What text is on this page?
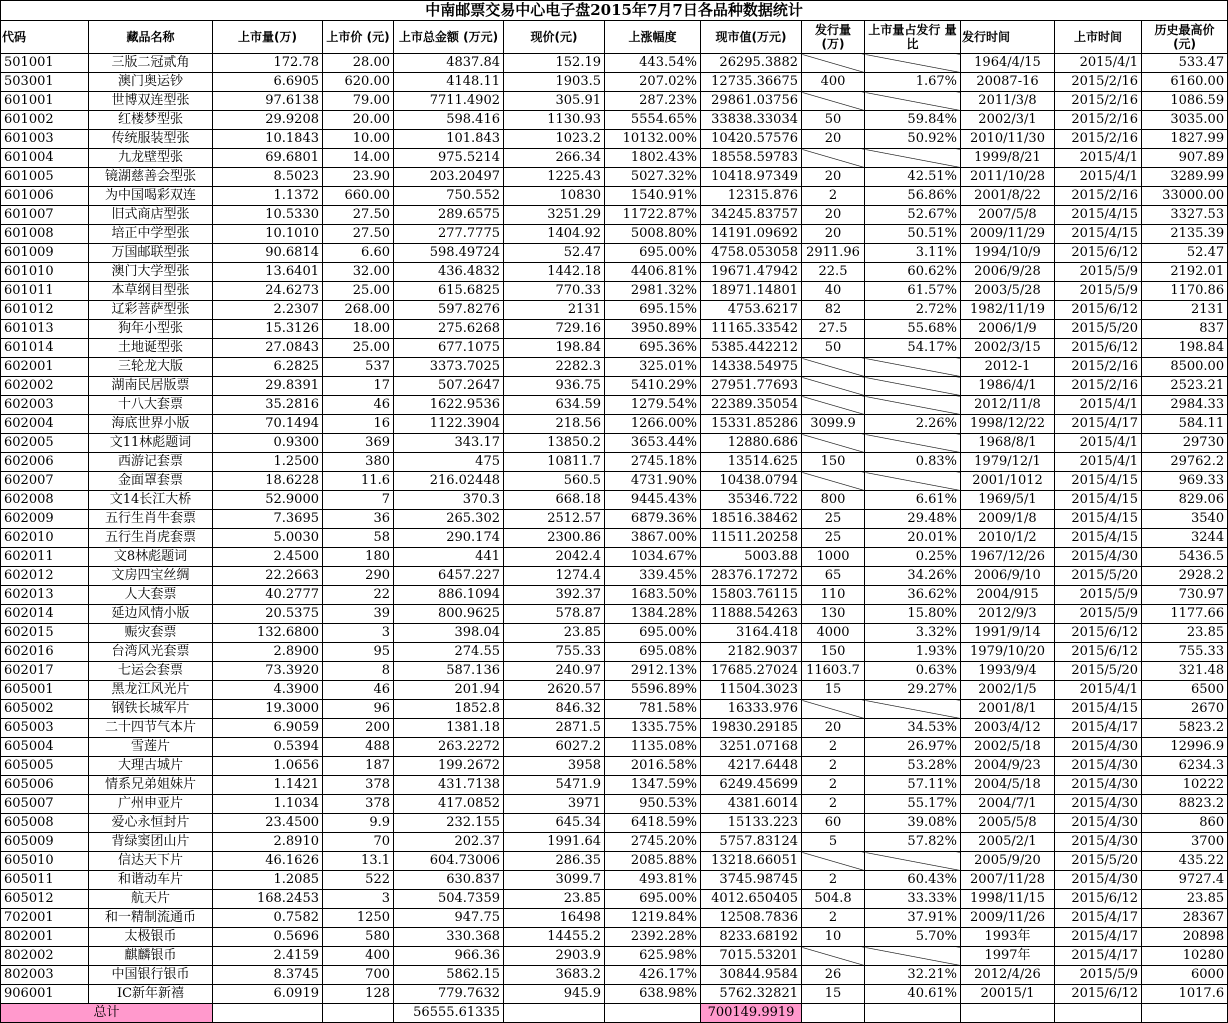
中南邮票交易中心电子盘2015年7月7日各品种数据统计												
代码	藏品名称	上市量(万)	上市价 (元)	上市总金额 (万元)	现价(元)	上涨幅度	现市值(万元)	发行量 (万)	上市量占发行 量比	发行时间	上市时间	历史最高价 (元)
501001	三版二冠贰角	172.78	28.00	4837.84	152.19	443.54%	26295.3882			1964/4/15	2015/4/1	533.47
503001	澳门奥运钞	6.6905	620.00	4148.11	1903.5	207.02%	12735.36675	400	1.67%	20087-16	2015/2/16	6160.00
601001	世博双连型张	97.6138	79.00	7711.4902	305.91	287.23%	29861.03756			2011/3/8	2015/2/16	1086.59
601002	红楼梦型张	29.9208	20.00	598.416	1130.93	5554.65%	33838.33034	50	59.84%	2002/3/1	2015/2/16	3035.00
601003	传统服装型张	10.1843	10.00	101.843	1023.2	10132.00%	10420.57576	20	50.92%	2010/11/30	2015/2/16	1827.99
601004	九龙壁型张	69.6801	14.00	975.5214	266.34	1802.43%	18558.59783			1999/8/21	2015/4/1	907.89
601005	镜湖慈善会型张	8.5023	23.90	203.20497	1225.43	5027.32%	10418.97349	20	42.51%	2011/10/28	2015/4/1	3289.99
601006	为中国喝彩双连	1.1372	660.00	750.552	10830	1540.91%	12315.876	2	56.86%	2001/8/22	2015/2/16	33000.00
601007	旧式商店型张	10.5330	27.50	289.6575	3251.29	11722.87%	34245.83757	20	52.67%	2007/5/8	2015/4/15	3327.53
601008	培正中学型张	10.1010	27.50	277.7775	1404.92	5008.80%	14191.09692	20	50.51%	2009/11/29	2015/4/15	2135.39
601009	万国邮联型张	90.6814	6.60	598.49724	52.47	695.00%	4758.053058	2911.96	3.11%	1994/10/9	2015/6/12	52.47
601010	澳门大学型张	13.6401	32.00	436.4832	1442.18	4406.81%	19671.47942	22.5	60.62%	2006/9/28	2015/5/9	2192.01
601011	本草纲目型张	24.6273	25.00	615.6825	770.33	2981.32%	18971.14801	40	61.57%	2003/5/28	2015/5/9	1170.86
601012	辽彩菩萨型张	2.2307	268.00	597.8276	2131	695.15%	4753.6217	82	2.72%	1982/11/19	2015/6/12	2131
601013	狗年小型张	15.3126	18.00	275.6268	729.16	3950.89%	11165.33542	27.5	55.68%	2006/1/9	2015/5/20	837
601014	土地诞型张	27.0843	25.00	677.1075	198.84	695.36%	5385.442212	50	54.17%	2002/3/15	2015/6/12	198.84
602001	三轮龙大版	6.2825	537	3373.7025	2282.3	325.01%	14338.54975			2012-1	2015/2/16	8500.00
602002	湖南民居版票	29.8391	17	507.2647	936.75	5410.29%	27951.77693			1986/4/1	2015/2/16	2523.21
602003	十八大套票	35.2816	46	1622.9536	634.59	1279.54%	22389.35054			2012/11/8	2015/4/1	2984.33
602004	海底世界小版	70.1494	16	1122.3904	218.56	1266.00%	15331.85286	3099.9	2.26%	1998/12/22	2015/4/17	584.11
602005	文11林彪题词	0.9300	369	343.17	13850.2	3653.44%	12880.686			1968/8/1	2015/4/1	29730
602006	西游记套票	1.2500	380	475	10811.7	2745.18%	13514.625	150	0.83%	1979/12/1	2015/4/1	29762.2
602007	金面罩套票	18.6228	11.6	216.02448	560.5	4731.90%	10438.0794			2001/1012	2015/4/15	969.33
602008	文14长江大桥	52.9000	7	370.3	668.18	9445.43%	35346.722	800	6.61%	1969/5/1	2015/4/15	829.06
602009	五行生肖牛套票	7.3695	36	265.302	2512.57	6879.36%	18516.38462	25	29.48%	2009/1/8	2015/4/15	3540
602010	五行生肖虎套票	5.0030	58	290.174	2300.86	3867.00%	11511.20258	25	20.01%	2010/1/2	2015/4/15	3244
602011	文8林彪题词	2.4500	180	441	2042.4	1034.67%	5003.88	1000	0.25%	1967/12/26	2015/4/30	5436.5
602012	文房四宝丝绸	22.2663	290	6457.227	1274.4	339.45%	28376.17272	65	34.26%	2006/9/10	2015/5/20	2928.2
602013	人大套票	40.2777	22	886.1094	392.37	1683.50%	15803.76115	110	36.62%	2004/915	2015/5/9	730.97
602014	延边风情小版	20.5375	39	800.9625	578.87	1384.28%	11888.54263	130	15.80%	2012/9/3	2015/5/9	1177.66
602015	赈灾套票	132.6800	3	398.04	23.85	695.00%	3164.418	4000	3.32%	1991/9/14	2015/6/12	23.85
602016	台湾风光套票	2.8900	95	274.55	755.33	695.08%	2182.9037	150	1.93%	1979/10/20	2015/6/12	755.33
602017	七运会套票	73.3920	8	587.136	240.97	2912.13%	17685.27024	11603.7	0.63%	1993/9/4	2015/5/20	321.48
605001	黑龙江风光片	4.3900	46	201.94	2620.57	5596.89%	11504.3023	15	29.27%	2002/1/5	2015/4/1	6500
605002	钢铁长城军片	19.3000	96	1852.8	846.32	781.58%	16333.976			2001/8/1	2015/4/15	2670
605003	二十四节气本片	6.9059	200	1381.18	2871.5	1335.75%	19830.29185	20	34.53%	2003/4/12	2015/4/17	5823.2
605004	雪莲片	0.5394	488	263.2272	6027.2	1135.08%	3251.07168	2	26.97%	2002/5/18	2015/4/30	12996.9
605005	大理古城片	1.0656	187	199.2672	3958	2016.58%	4217.6448	2	53.28%	2004/9/23	2015/4/30	6234.3
605006	情系兄弟姐妹片	1.1421	378	431.7138	5471.9	1347.59%	6249.45699	2	57.11%	2004/5/18	2015/4/30	10222
605007	广州申亚片	1.1034	378	417.0852	3971	950.53%	4381.6014	2	55.17%	2004/7/1	2015/4/30	8823.2
605008	爱心永恒封片	23.4500	9.9	232.155	645.34	6418.59%	15133.223	60	39.08%	2005/5/8	2015/4/30	860
605009	背绿窦团山片	2.8910	70	202.37	1991.64	2745.20%	5757.83124	5	57.82%	2005/2/1	2015/4/30	3700
605010	信达天下片	46.1626	13.1	604.73006	286.35	2085.88%	13218.66051			2005/9/20	2015/5/20	435.22
605011	和谐动车片	1.2085	522	630.837	3099.7	493.81%	3745.98745	2	60.43%	2007/11/28	2015/4/30	9727.4
605012	航天片	168.2453	3	504.7359	23.85	695.00%	4012.650405	504.8	33.33%	1998/11/15	2015/6/12	23.85
702001	和一精制流通币	0.7582	1250	947.75	16498	1219.84%	12508.7836	2	37.91%	2009/11/26	2015/4/17	28367
802001	太极银币	0.5696	580	330.368	14455.2	2392.28%	8233.68192	10	5.70%	1993年	2015/4/17	20898
802002	麒麟银币	2.4159	400	966.36	2903.9	625.98%	7015.53201			1997年	2015/4/17	10280
802003	中国银行银币	8.3745	700	5862.15	3683.2	426.17%	30844.9584	26	32.21%	2012/4/26	2015/5/9	6000
906001	IC新年新禧	6.0919	128	779.7632	945.9	638.98%	5762.32821	15	40.61%	20015/1	2015/6/12	1017.6
总计				56555.61335			700149.9919					
